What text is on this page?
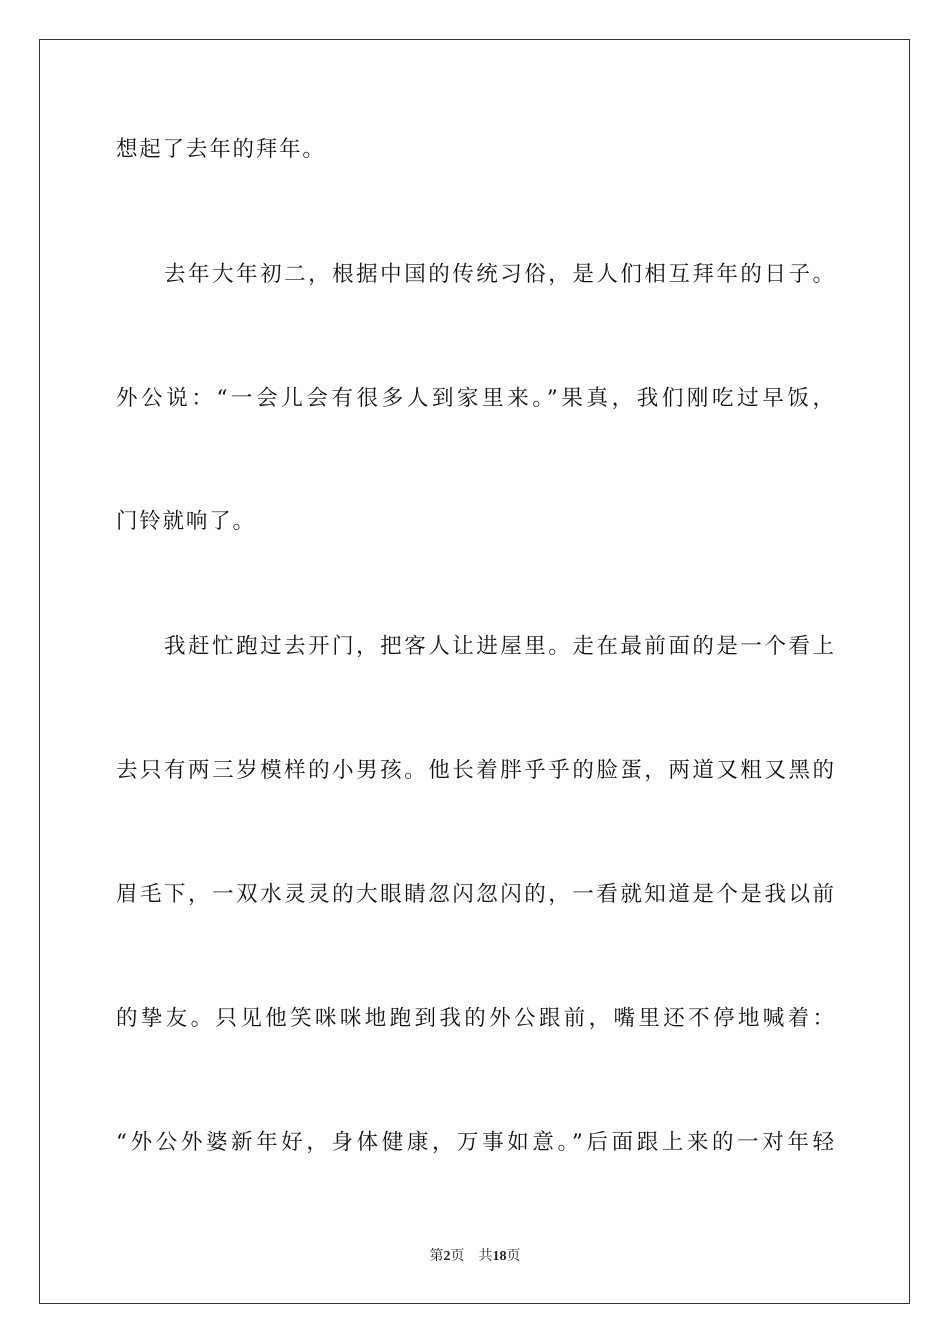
想起了去年的拜年。
　　去年大年初二，根据中国的传统习俗，是人们相互拜年的日子。
外公说：“一会儿会有很多人到家里来。”果真，我们刚吃过早饭，
门铃就响了。
　　我赶忙跑过去开门，把客人让进屋里。走在最前面的是一个看上
去只有两三岁模样的小男孩。他长着胖乎乎的脸蛋，两道又粗又黑的
眉毛下，一双水灵灵的大眼睛忽闪忽闪的，一看就知道是个是我以前
的挚友。只见他笑咪咪地跑到我的外公跟前，嘴里还不停地喊着：
“外公外婆新年好，身体健康，万事如意。”后面跟上来的一对年轻
第2页 共18页
